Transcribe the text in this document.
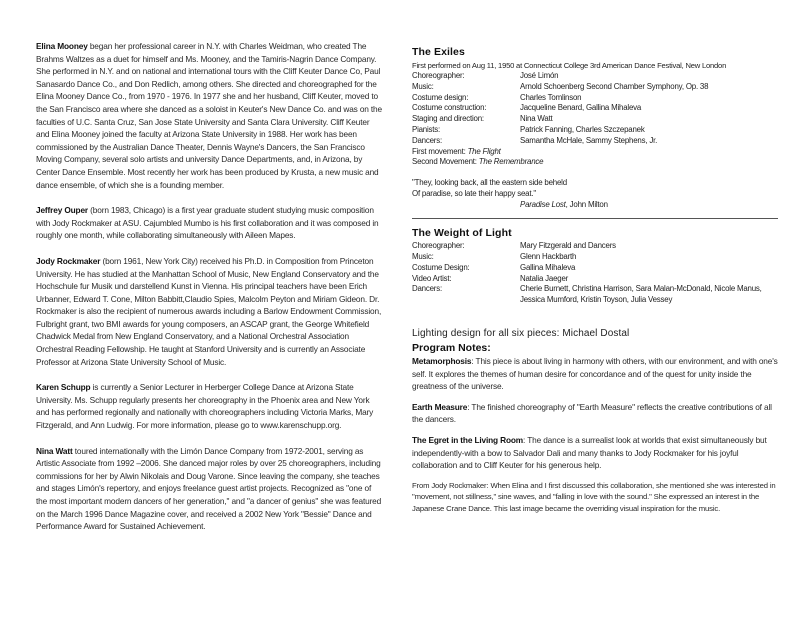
Elina Mooney began her professional career in N.Y. with Charles Weidman, who created The Brahms Waltzes as a duet for himself and Ms. Mooney, and the Tamiris-Nagrin Dance Company. She performed in N.Y. and on national and international tours with the Cliff Keuter Dance Co, Paul Sanasardo Dance Co., and Don Redlich, among others. She directed and choreographed for the Elina Mooney Dance Co., from 1970 - 1976. In 1977 she and her husband, Cliff Keuter, moved to the San Francisco area where she danced as a soloist in Keuter's New Dance Co. and was on the faculties of U.C. Santa Cruz, San Jose State University and Santa Clara University. Cliff Keuter and Elina Mooney joined the faculty at Arizona State University in 1988. Her work has been commissioned by the Australian Dance Theater, Dennis Wayne's Dancers, the San Francisco Moving Company, several solo artists and university Dance Departments, and, in Arizona, by Center Dance Ensemble. Most recently her work has been produced by Krusta, a new music and dance ensemble, of which she is a founding member.

Jeffrey Ouper (born 1983, Chicago) is a first year graduate student studying music composition with Jody Rockmaker at ASU. Cajumbled Mumbo is his first collaboration and it was composed in roughly one month, while collaborating simultaneously with Aileen Mapes.

Jody Rockmaker (born 1961, New York City) received his Ph.D. in Composition from Princeton University. He has studied at the Manhattan School of Music, New England Conservatory and the Hochschule fur Musik und darstellend Kunst in Vienna. His principal teachers have been Erich Urbanner, Edward T. Cone, Milton Babbitt,Claudio Spies, Malcolm Peyton and Miriam Gideon. Dr. Rockmaker is also the recipient of numerous awards including a Barlow Endowment Commission, Fulbright grant, two BMI awards for young composers, an ASCAP grant, the George Whitefield Chadwick Medal from New England Conservatory, and a National Orchestral Association Orchestral Reading Fellowship. He taught at Stanford University and is currently an Associate Professor at Arizona State University School of Music.

Karen Schupp is currently a Senior Lecturer in Herberger College Dance at Arizona State University. Ms. Schupp regularly presents her choreography in the Phoenix area and New York and has performed regionally and nationally with choreographers including Victoria Marks, Mary Fitzgerald, and Ann Ludwig. For more information, please go to www.karenschupp.org.

Nina Watt toured internationally with the Limón Dance Company from 1972-2001, serving as Artistic Associate from 1992 –2006. She danced major roles by over 25 choreographers, including commissions for her by Alwin Nikolais and Doug Varone. Since leaving the company, she teaches and stages Limón's repertory, and enjoys freelance guest artist projects. Recognized as "one of the most important modern dancers of her generation," and "a dancer of genius" she was featured on the March 1996 Dance Magazine cover, and received a 2002 New York "Bessie" Dance and Performance Award for Sustained Achievement.

The Exiles

First performed on Aug 11, 1950 at Connecticut College 3rd American Dance Festival, New London

Choreographer:	José Limón
Music:	Arnold Schoenberg Second Chamber Symphony, Op. 38
Costume design:	Charles Tomlinson
Costume construction:	Jacqueline Benard, Gallina Mihaleva
Staging and direction:	Nina Watt
Pianists:	Patrick Fanning, Charles Szczepanek
Dancers:	Samantha McHale, Sammy Stephens, Jr.
First movement: The Flight
Second Movement: The Remembrance
"They, looking back, all the eastern side beheld
Of paradise, so late their happy seat."
Paradise Lost, John Milton
The Weight of Light
Choreographer:	Mary Fitzgerald and Dancers
Music:	Glenn Hackbarth
Costume Design:	Gallina Mihaleva
Video Artist:	Natalia Jaeger
Dancers:	Cherie Burnett, Christina Harrison, Sara Malan-McDonald, Nicole Manus, Jessica Mumford, Kristin Toyson, Julia Vessey
Lighting design for all six pieces: Michael Dostal
Program Notes:

Metamorphosis: This piece is about living in harmony with others, with our environment, and with one's self. It explores the themes of human desire for concordance and of the quest for unity inside the greatness of the universe.

Earth Measure: The finished choreography of "Earth Measure" reflects the creative contributions of all the dancers.

The Egret in the Living Room: The dance is a surrealist look at worlds that exist simultaneously but independently-with a bow to Salvador Dali and many thanks to Jody Rockmaker for his joyful collaboration and to Cliff Keuter for his generous help.

From Jody Rockmaker: When Elina and I first discussed this collaboration, she mentioned she was interested in "movement, not stillness," sine waves, and "falling in love with the sound." She expressed an interest in the Japanese Crane Dance. This last image became the overriding visual inspiration for the music.
